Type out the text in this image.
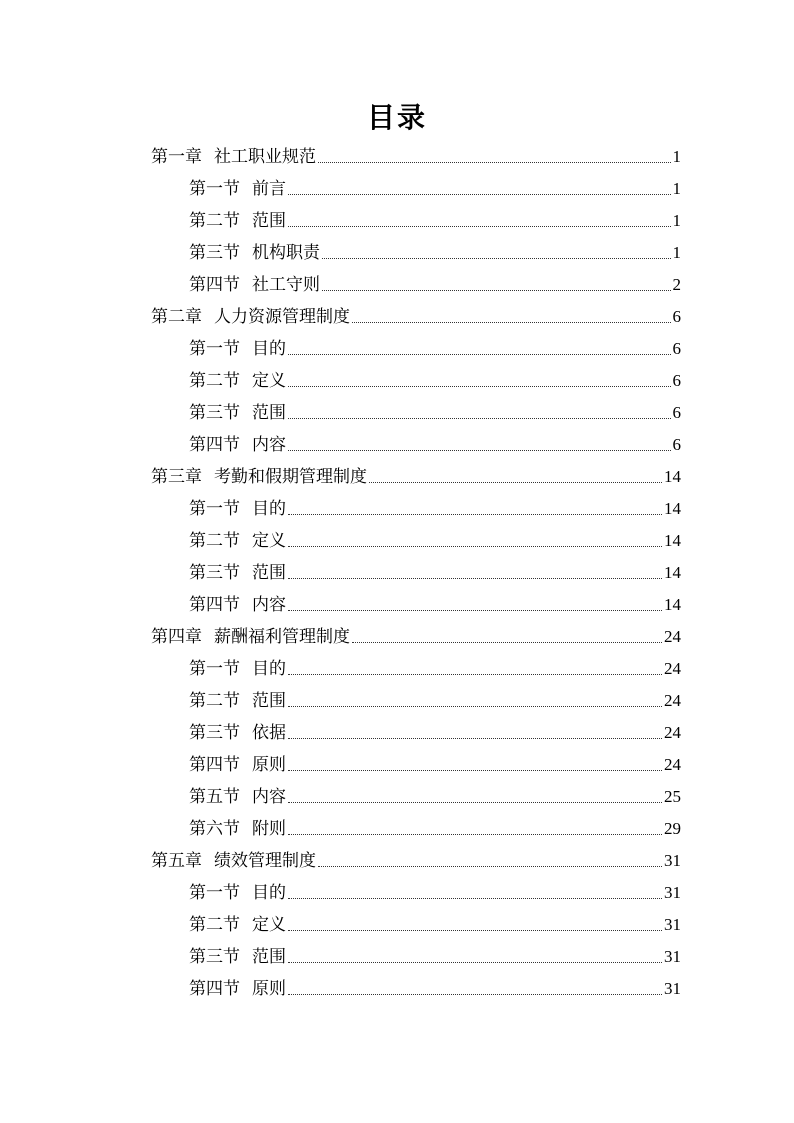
目录
第一章 社工职业规范	1
第一节 前言	1
第二节 范围	1
第三节 机构职责	1
第四节 社工守则	2
第二章 人力资源管理制度	6
第一节 目的	6
第二节 定义	6
第三节 范围	6
第四节 内容	6
第三章 考勤和假期管理制度	14
第一节 目的	14
第二节 定义	14
第三节 范围	14
第四节 内容	14
第四章 薪酬福利管理制度	24
第一节 目的	24
第二节 范围	24
第三节 依据	24
第四节 原则	24
第五节 内容	25
第六节 附则	29
第五章 绩效管理制度	31
第一节 目的	31
第二节 定义	31
第三节 范围	31
第四节 原则	31
